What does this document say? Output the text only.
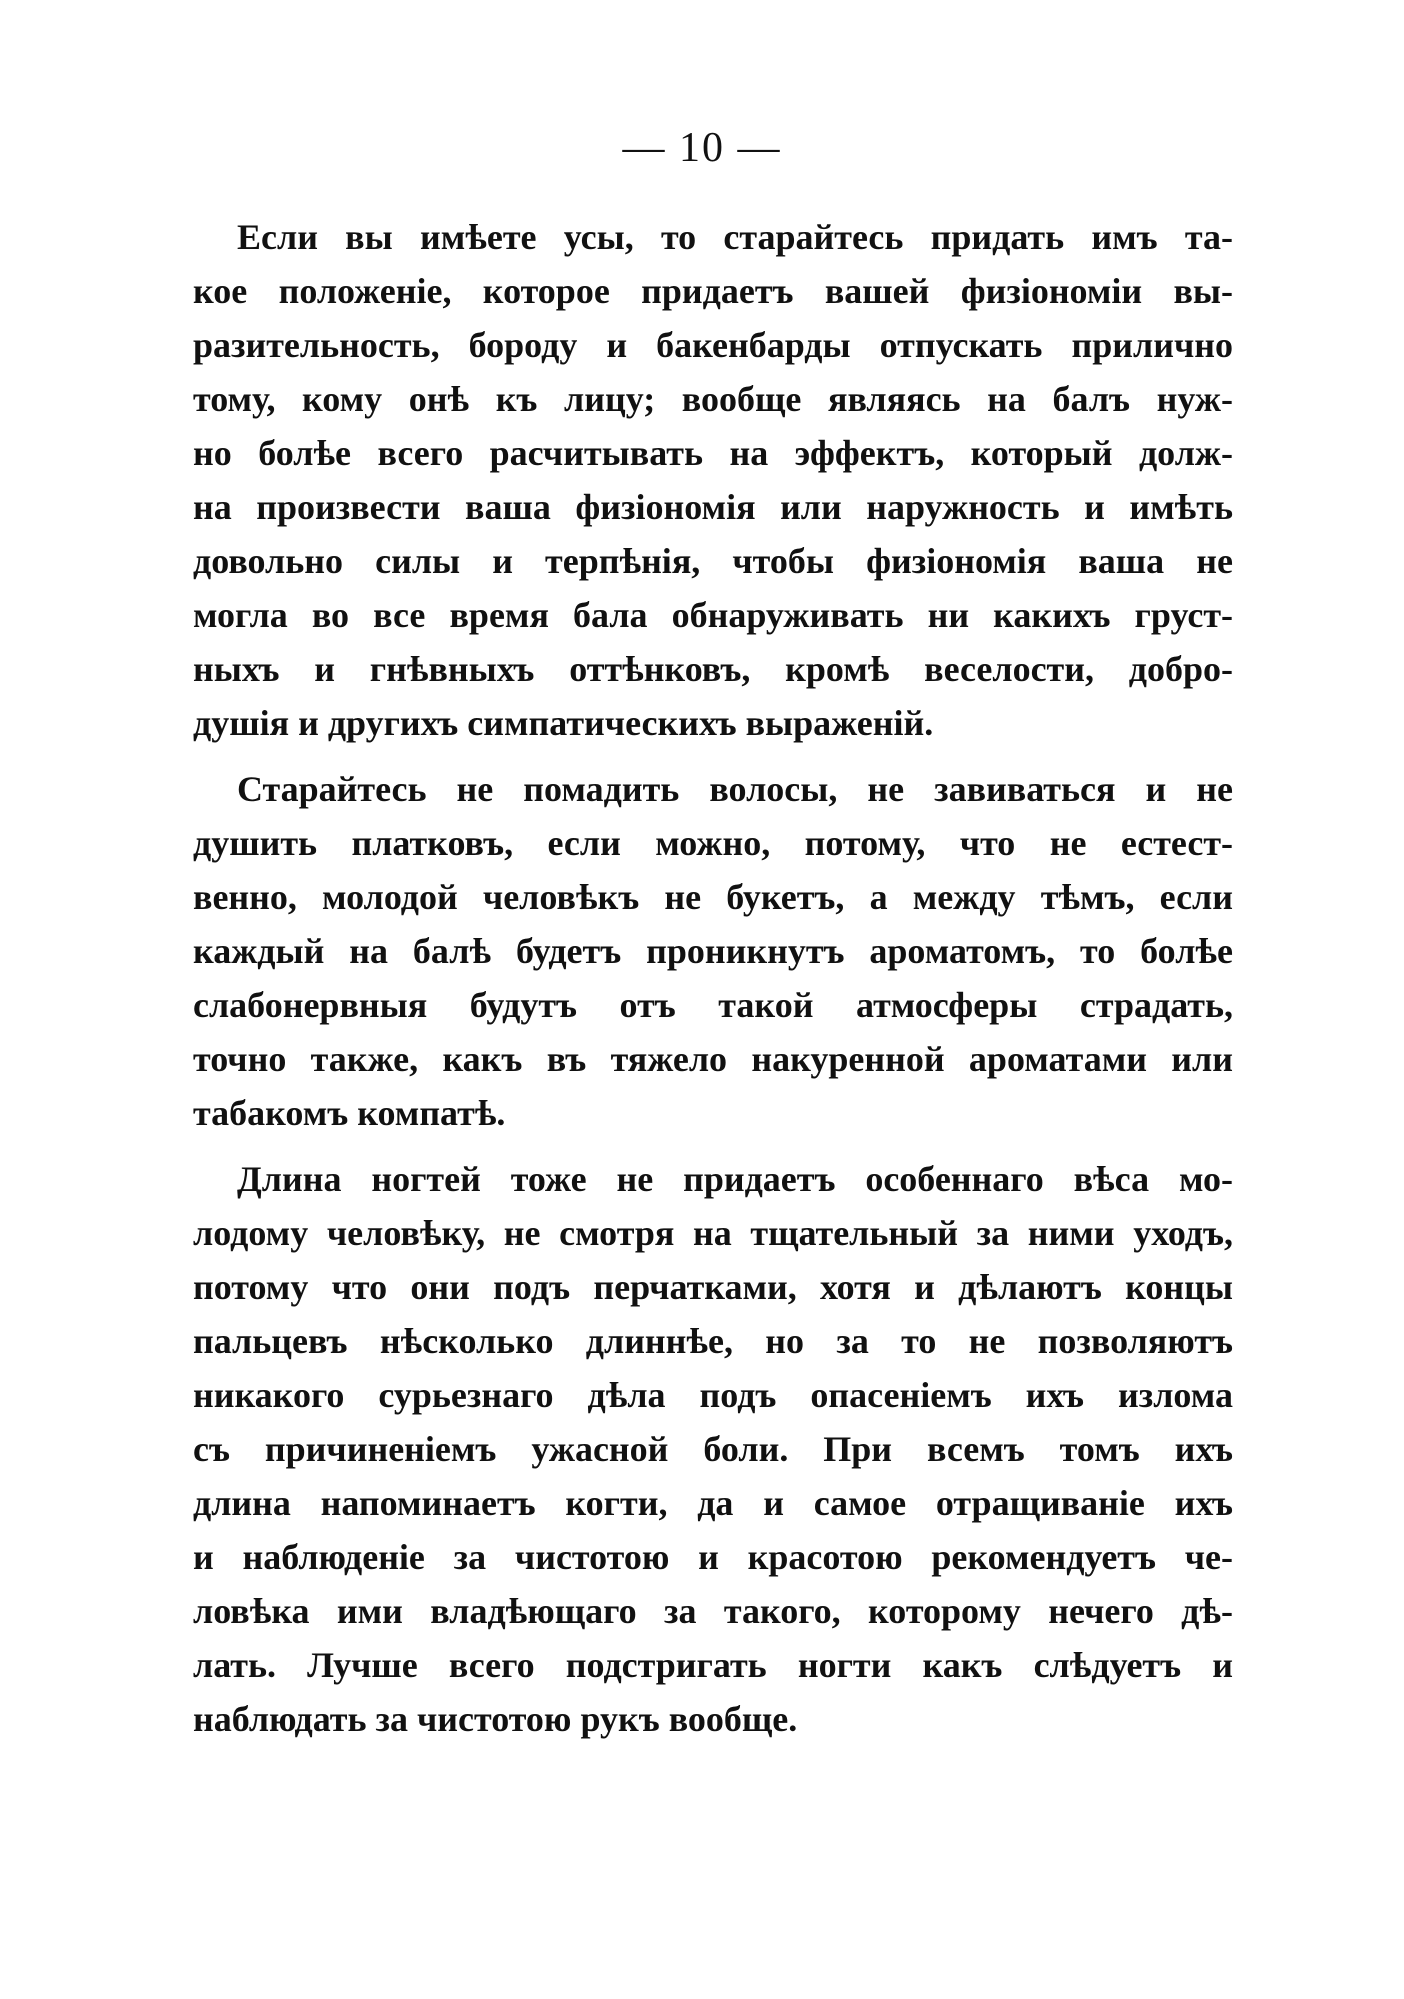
— 10 —
Если вы имѣете усы, то старайтесь придать имъ та-
кое положеніе, которое придаетъ вашей физіономіи вы-
разительность, бороду и бакенбарды отпускать прилично
тому, кому онѣ къ лицу; вообще являясь на балъ нуж-
но болѣе всего расчитывать на эффектъ, который долж-
на произвести ваша физіономія или наружность и имѣть
довольно силы и терпѣнія, чтобы физіономія ваша не
могла во все время бала обнаруживать ни какихъ груст-
ныхъ и гнѣвныхъ оттѣнковъ, кромѣ веселости, добро-
душія и другихъ симпатическихъ выраженій.
Старайтесь не помадить волосы, не завиваться и не
душить платковъ, если можно, потому, что не естест-
венно, молодой человѣкъ не букетъ, а между тѣмъ, если
каждый на балѣ будетъ проникнутъ ароматомъ, то болѣе
слабонервныя будутъ отъ такой атмосферы страдать,
точно также, какъ въ тяжело накуренной ароматами или
табакомъ компатѣ.
Длина ногтей тоже не придаетъ особеннаго вѣса мо-
лодому человѣку, не смотря на тщательный за ними уходъ,
потому что они подъ перчатками, хотя и дѣлаютъ концы
пальцевъ нѣсколько длиннѣе, но за то не позволяютъ
никакого сурьезнаго дѣла подъ опасеніемъ ихъ излома
съ причиненіемъ ужасной боли. При всемъ томъ ихъ
длина напоминаетъ когти, да и самое отращиваніе ихъ
и наблюденіе за чистотою и красотою рекомендуетъ че-
ловѣка ими владѣющаго за такого, которому нечего дѣ-
лать. Лучше всего подстригать ногти какъ слѣдуетъ и
наблюдать за чистотою рукъ вообще.
